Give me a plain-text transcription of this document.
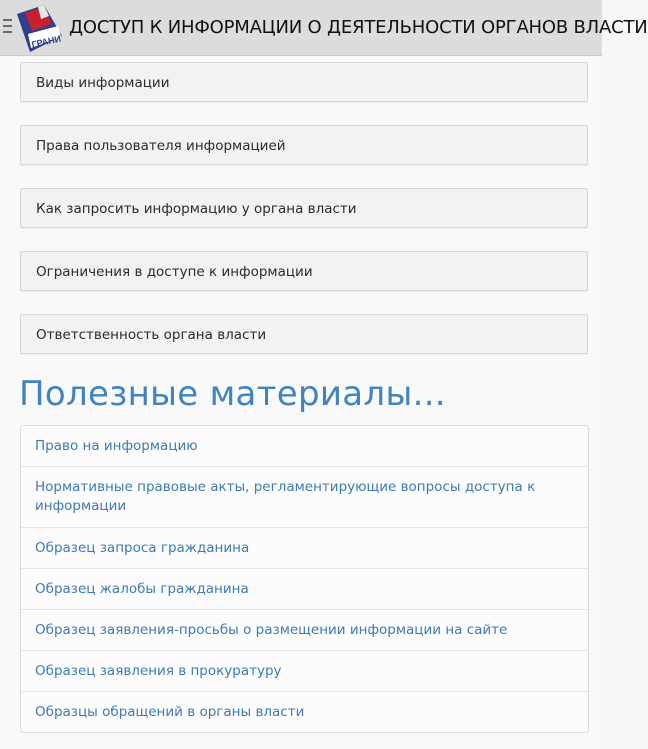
ГРАНИ
ДОСТУП К ИНФОРМАЦИИ О ДЕЯТЕЛЬНОСТИ ОРГАНОВ ВЛАСТИ
Виды информации
Права пользователя информацией
Как запросить информацию у органа власти
Ограничения в доступе к информации
Ответственность органа власти
Полезные материалы...
Право на информацию
Нормативные правовые акты, регламентирующие вопросы доступа к информации
Образец запроса гражданина
Образец жалобы гражданина
Образец заявления-просьбы о размещении информации на сайте
Образец заявления в прокуратуру
Образцы обращений в органы власти
